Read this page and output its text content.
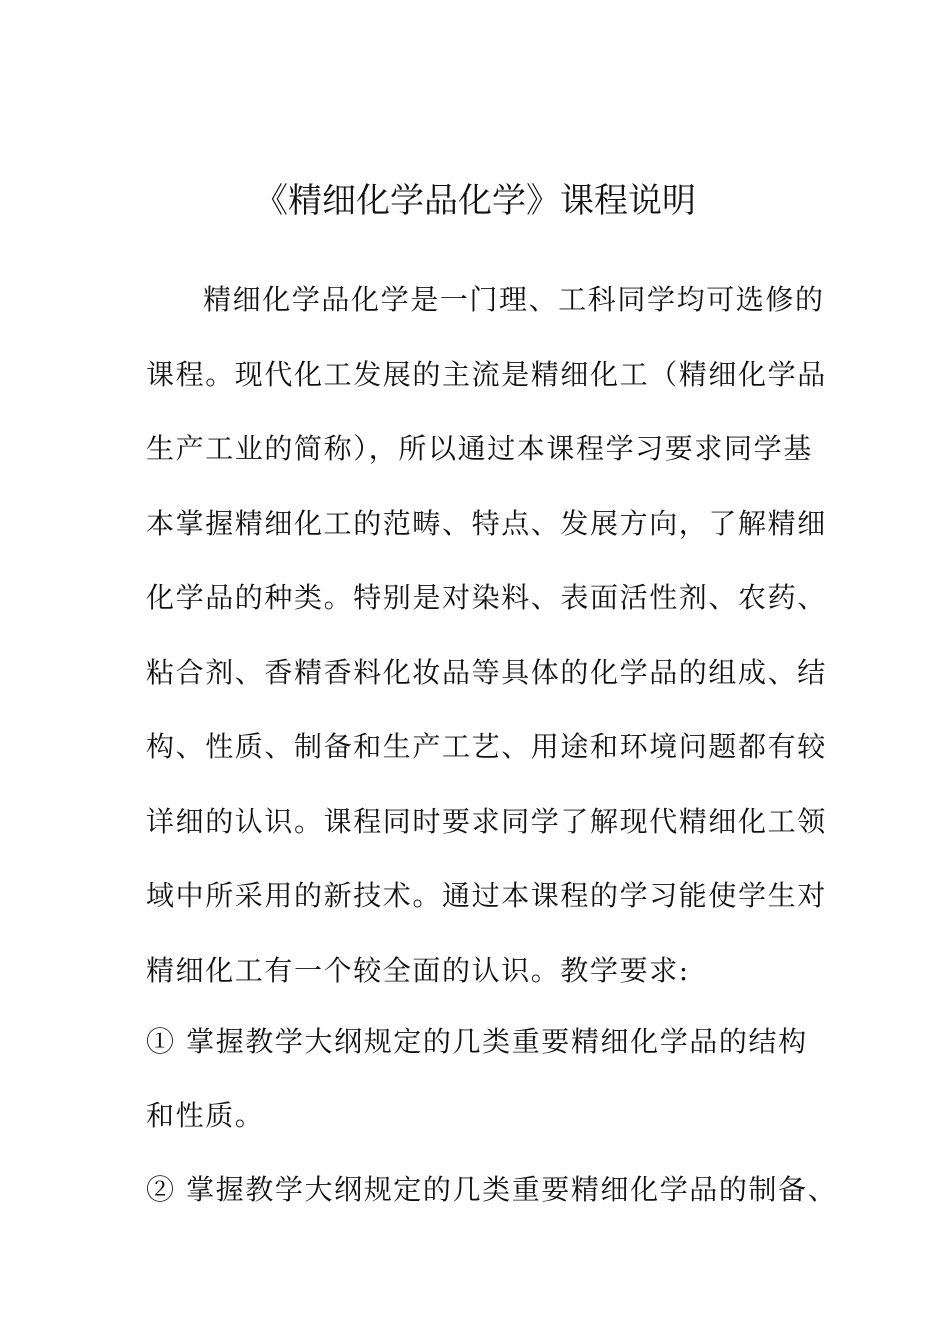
《精细化学品化学》课程说明
精细化学品化学是一门理、工科同学均可选修的
课程。现代化工发展的主流是精细化工（精细化学品
生产工业的简称），所以通过本课程学习要求同学基
本掌握精细化工的范畴、特点、发展方向，了解精细
化学品的种类。特别是对染料、表面活性剂、农药、
粘合剂、香精香料化妆品等具体的化学品的组成、结
构、性质、制备和生产工艺、用途和环境问题都有较
详细的认识。课程同时要求同学了解现代精细化工领
域中所采用的新技术。通过本课程的学习能使学生对
精细化工有一个较全面的认识。教学要求:
① 掌握教学大纲规定的几类重要精细化学品的结构
和性质。
② 掌握教学大纲规定的几类重要精细化学品的制备、
